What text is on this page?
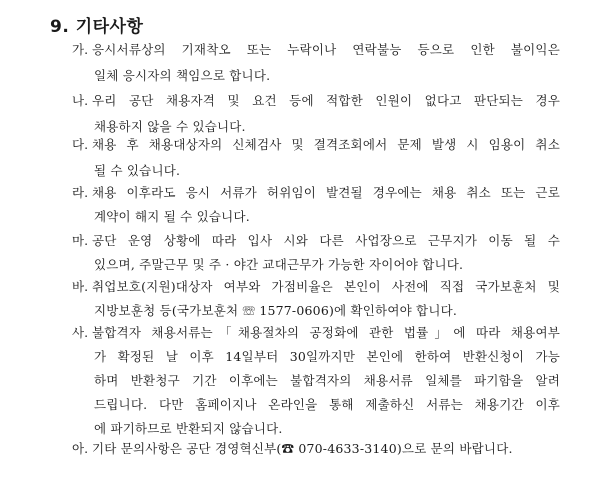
9. 기타사항
가. 응시서류상의 기재착오 또는 누락이나 연락불능 등으로 인한 불이익은
일체 응시자의 책임으로 합니다.
나. 우리 공단 채용자격 및 요건 등에 적합한 인원이 없다고 판단되는 경우
채용하지 않을 수 있습니다.
다. 채용 후 채용대상자의 신체검사 및 결격조회에서 문제 발생 시 임용이 취소
될 수 있습니다.
라. 채용 이후라도 응시 서류가 허위임이 발견될 경우에는 채용 취소 또는 근로
계약이 해지 될 수 있습니다.
마. 공단 운영 상황에 따라 입사 시와 다른 사업장으로 근무지가 이동 될 수
있으며, 주말근무 및 주 · 야간 교대근무가 가능한 자이어야 합니다.
바. 취업보호(지원)대상자 여부와 가점비율은 본인이 사전에 직접 국가보훈처 및
지방보훈청 등(국가보훈처 ☏ 1577-0606)에 확인하여야 합니다.
사. 불합격자 채용서류는「채용절차의 공정화에 관한 법률」에 따라 채용여부
가 확정된 날 이후 14일부터 30일까지만 본인에 한하여 반환신청이 가능
하며 반환청구 기간 이후에는 불합격자의 채용서류 일체를 파기함을 알려
드립니다. 다만 홈페이지나 온라인을 통해 제출하신 서류는 채용기간 이후
에 파기하므로 반환되지 않습니다.
아. 기타 문의사항은 공단 경영혁신부(☎ 070-4633-3140)으로 문의 바랍니다.
